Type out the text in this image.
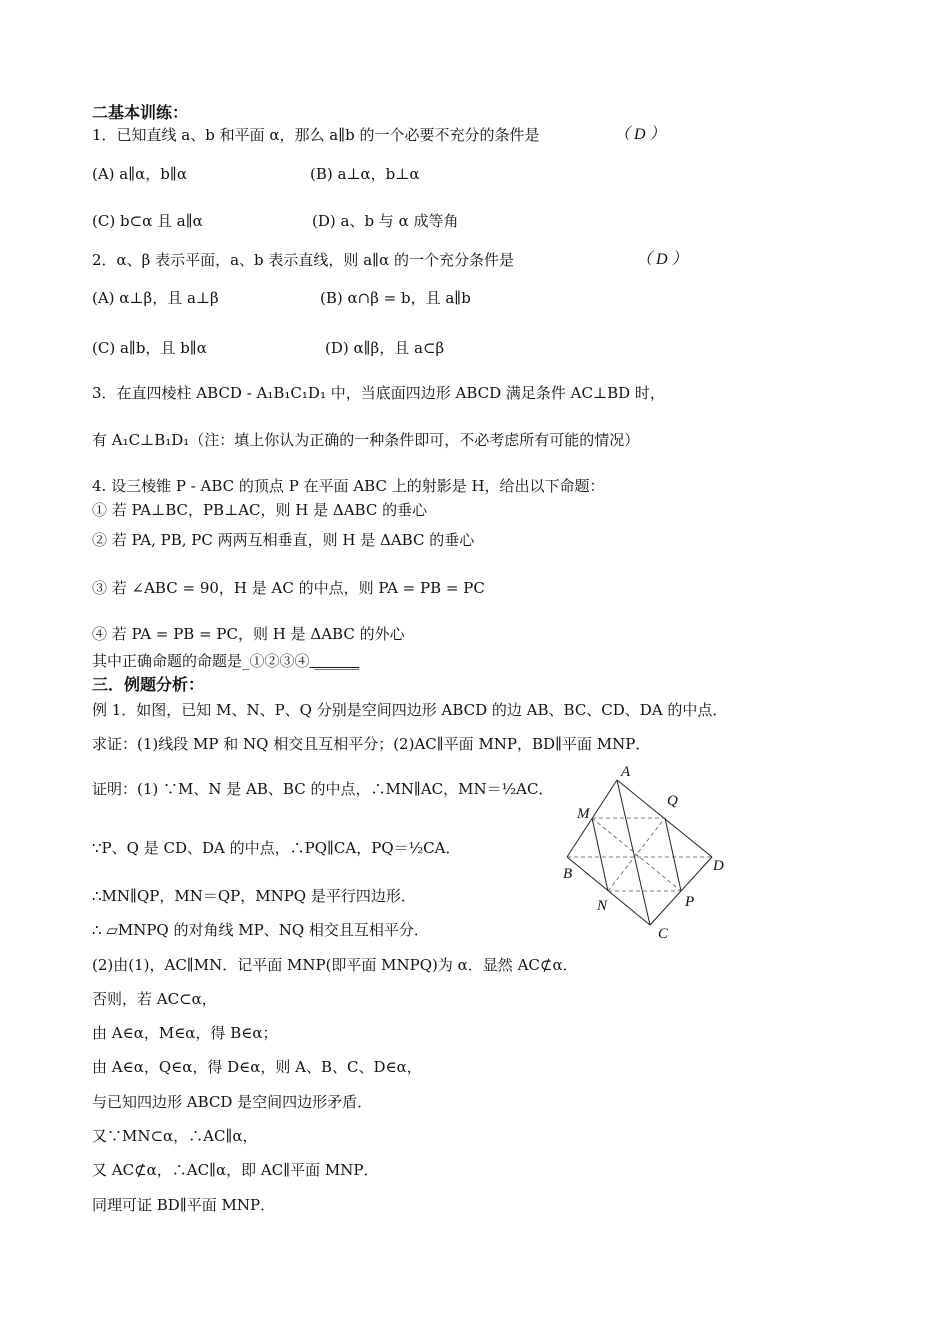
二基本训练：
1．已知直线 a、b 和平面 α，那么 a∥b 的一个必要不充分的条件是	（ D ）
(A) a∥α，b∥α	(B) a⊥α，b⊥α
(C) b⊂α 且 a∥α	(D) a、b 与 α 成等角
2．α、β 表示平面，a、b 表示直线，则 a∥α 的一个充分条件是	（ D ）
(A) α⊥β，且 a⊥β	(B) α∩β = b，且 a∥b
(C) a∥b，且 b∥α	(D) α∥β，且 a⊂β
3．在直四棱柱 ABCD - A₁B₁C₁D₁ 中，当底面四边形 ABCD 满足条件 AC⊥BD 时，
有 A₁C⊥B₁D₁（注：填上你认为正确的一种条件即可，不必考虑所有可能的情况）
4. 设三棱锥 P - ABC 的顶点 P 在平面 ABC 上的射影是 H，给出以下命题：
① 若 PA⊥BC，PB⊥AC，则 H 是 ΔABC 的垂心
② 若 PA, PB, PC 两两互相垂直，则 H 是 ΔABC 的垂心
③ 若 ∠ABC = 90，H 是 AC 的中点，则 PA = PB = PC
④ 若 PA = PB = PC，则 H 是 ΔABC 的外心
其中正确命题的命题是_①②③④ ______
三．例题分析：
例 1．如图，已知 M、N、P、Q 分别是空间四边形 ABCD 的边 AB、BC、CD、DA 的中点．
求证：(1)线段 MP 和 NQ 相交且互相平分；(2)AC∥平面 MNP，BD∥平面 MNP．
证明：(1) ∵M、N 是 AB、BC 的中点，∴MN∥AC，MN＝½AC．
∵P、Q 是 CD、DA 的中点，∴PQ∥CA，PQ＝½CA．
∴MN∥QP，MN＝QP，MNPQ 是平行四边形．
∴ ▱MNPQ 的对角线 MP、NQ 相交且互相平分．
(2)由(1)，AC∥MN．记平面 MNP(即平面 MNPQ)为 α．显然 AC⊄α．
否则，若 AC⊂α，
由 A∈α，M∈α，得 B∈α；
由 A∈α，Q∈α，得 D∈α，则 A、B、C、D∈α，
与已知四边形 ABCD 是空间四边形矛盾．
又∵MN⊂α，∴AC∥α，
又 AC⊄α，∴AC∥α，即 AC∥平面 MNP．
同理可证 BD∥平面 MNP．
A
B
C
D
M
N	P
Q
